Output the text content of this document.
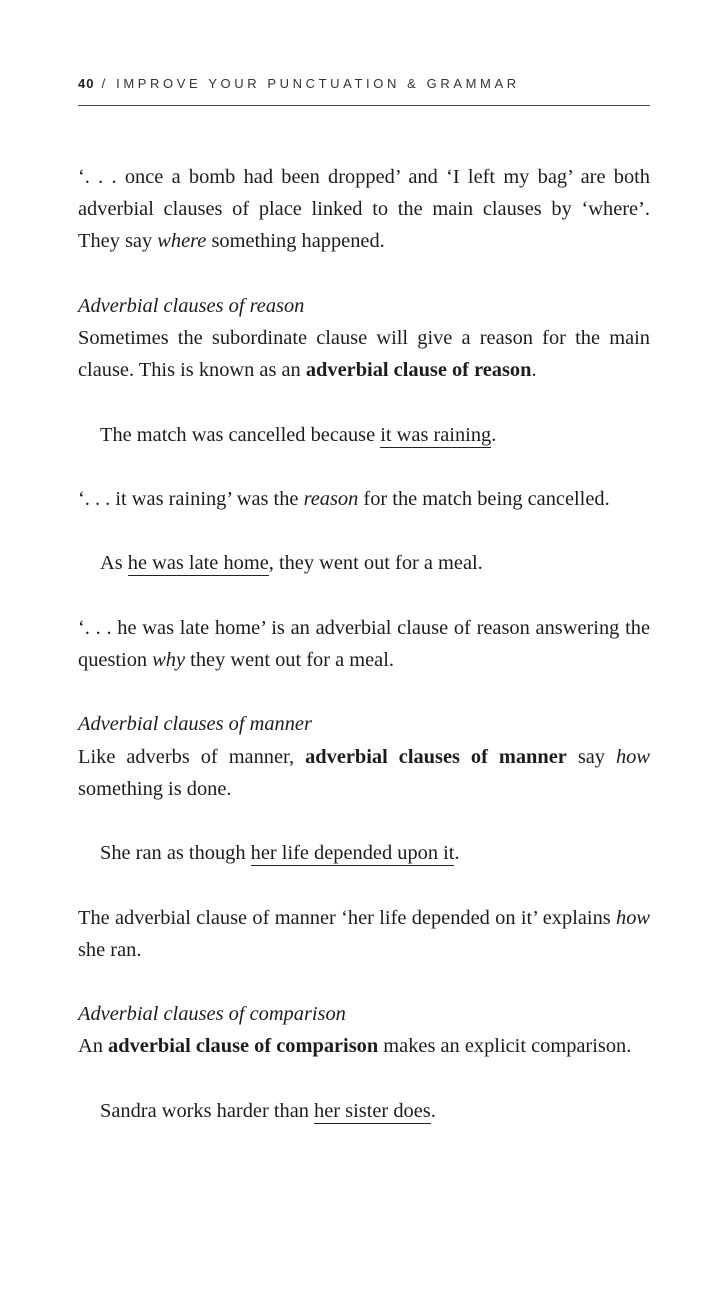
40 / IMPROVE YOUR PUNCTUATION & GRAMMAR

‘. . . once a bomb had been dropped’ and ‘I left my bag’ are both adverbial clauses of place linked to the main clauses by ‘where’. They say where something happened.

Adverbial clauses of reason

Sometimes the subordinate clause will give a reason for the main clause. This is known as an adverbial clause of reason.

The match was cancelled because it was raining.

‘. . . it was raining’ was the reason for the match being cancelled.

As he was late home, they went out for a meal.

‘. . . he was late home’ is an adverbial clause of reason answering the question why they went out for a meal.

Adverbial clauses of manner

Like adverbs of manner, adverbial clauses of manner say how something is done.

She ran as though her life depended upon it.

The adverbial clause of manner ‘her life depended on it’ explains how she ran.

Adverbial clauses of comparison

An adverbial clause of comparison makes an explicit comparison.

Sandra works harder than her sister does.
